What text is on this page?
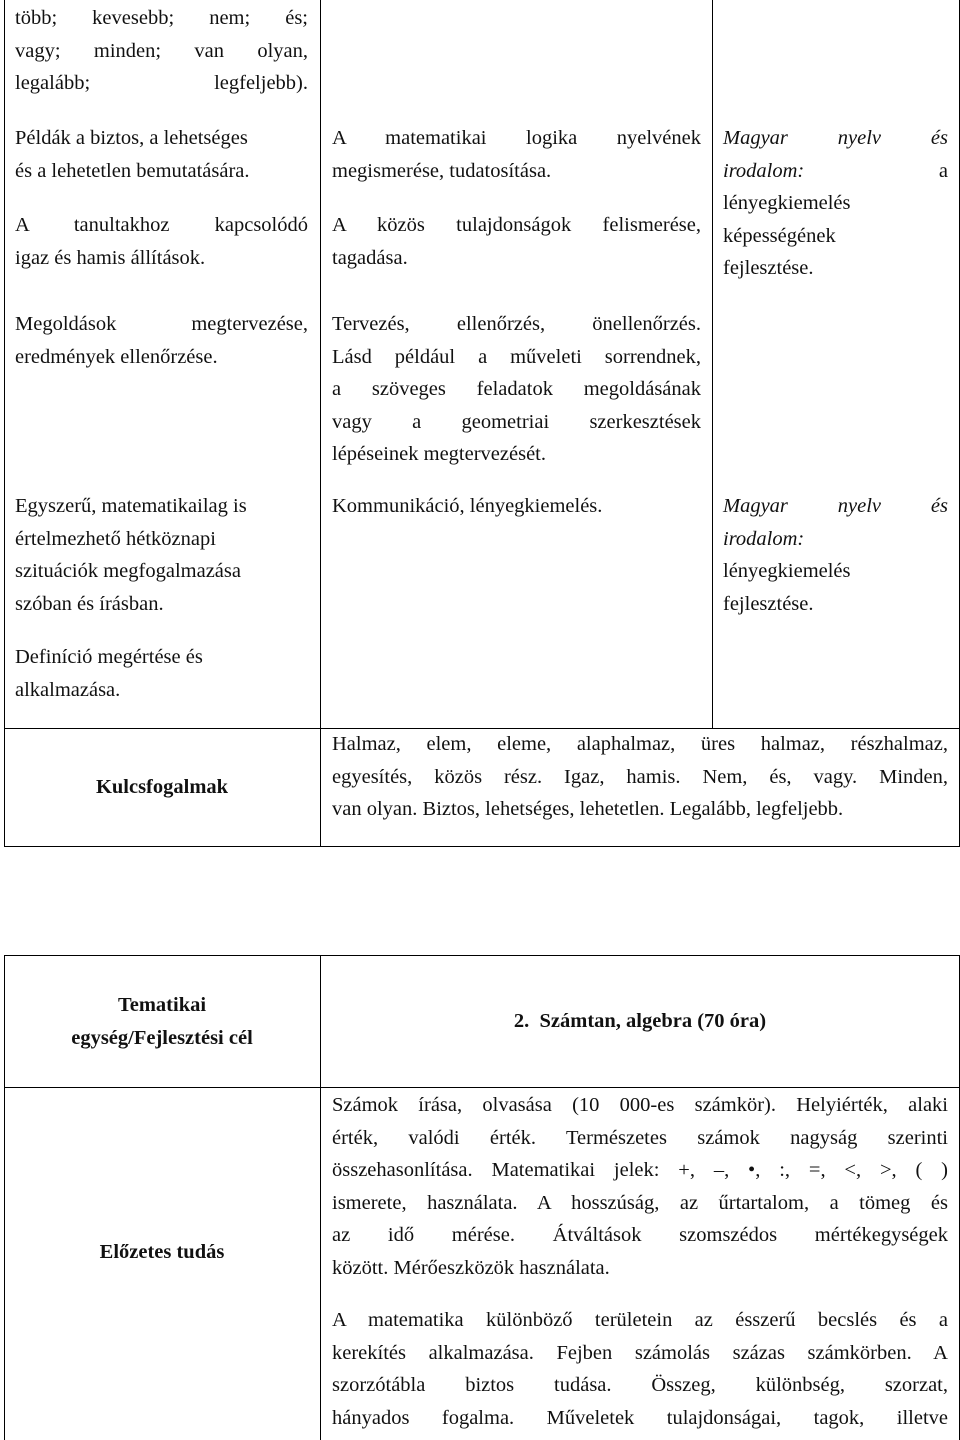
több; kevesebb; nem; és;
vagy; minden; van olyan,
legalább; legfeljebb).
Példák a biztos, a lehetséges
és a lehetetlen bemutatására.
A tanultakhoz kapcsolódó
igaz és hamis állítások.
Megoldások megtervezése,
eredmények ellenőrzése.
Egyszerű, matematikailag is
értelmezhető hétköznapi
szituációk megfogalmazása
szóban és írásban.
Definíció megértése és
alkalmazása.
A matematikai logika nyelvének
megismerése, tudatosítása.
A közös tulajdonságok felismerése,
tagadása.
Tervezés, ellenőrzés, önellenőrzés.
Lásd például a műveleti sorrendnek,
a szöveges feladatok megoldásának
vagy a geometriai szerkesztések
lépéseinek megtervezését.
Kommunikáció, lényegkiemelés.
Magyar nyelv és
irodalom:	a
lényegkiemelés
képességének
fejlesztése.
Magyar nyelv és
irodalom:
lényegkiemelés
fejlesztése.
Kulcsfogalmak
Halmaz, elem, eleme, alaphalmaz, üres halmaz, részhalmaz,
egyesítés, közös rész. Igaz, hamis. Nem, és, vagy. Minden,
van olyan. Biztos, lehetséges, lehetetlen. Legalább, legfeljebb.
Tematikai
egység/Fejlesztési cél
2.  Számtan, algebra (70 óra)
Előzetes tudás
Számok írása, olvasása (10 000-es számkör). Helyiérték, alaki
érték, valódi érték. Természetes számok nagyság szerinti
összehasonlítása. Matematikai jelek: +, –, •, :, =, <, >, ( )
ismerete, használata. A hosszúság, az űrtartalom, a tömeg és
az idő mérése. Átváltások szomszédos mértékegységek
között. Mérőeszközök használata.
A matematika különböző területein az ésszerű becslés és a
kerekítés alkalmazása. Fejben számolás százas számkörben. A
szorzótábla biztos tudása. Összeg, különbség, szorzat,
hányados fogalma. Műveletek tulajdonságai, tagok, illetve
